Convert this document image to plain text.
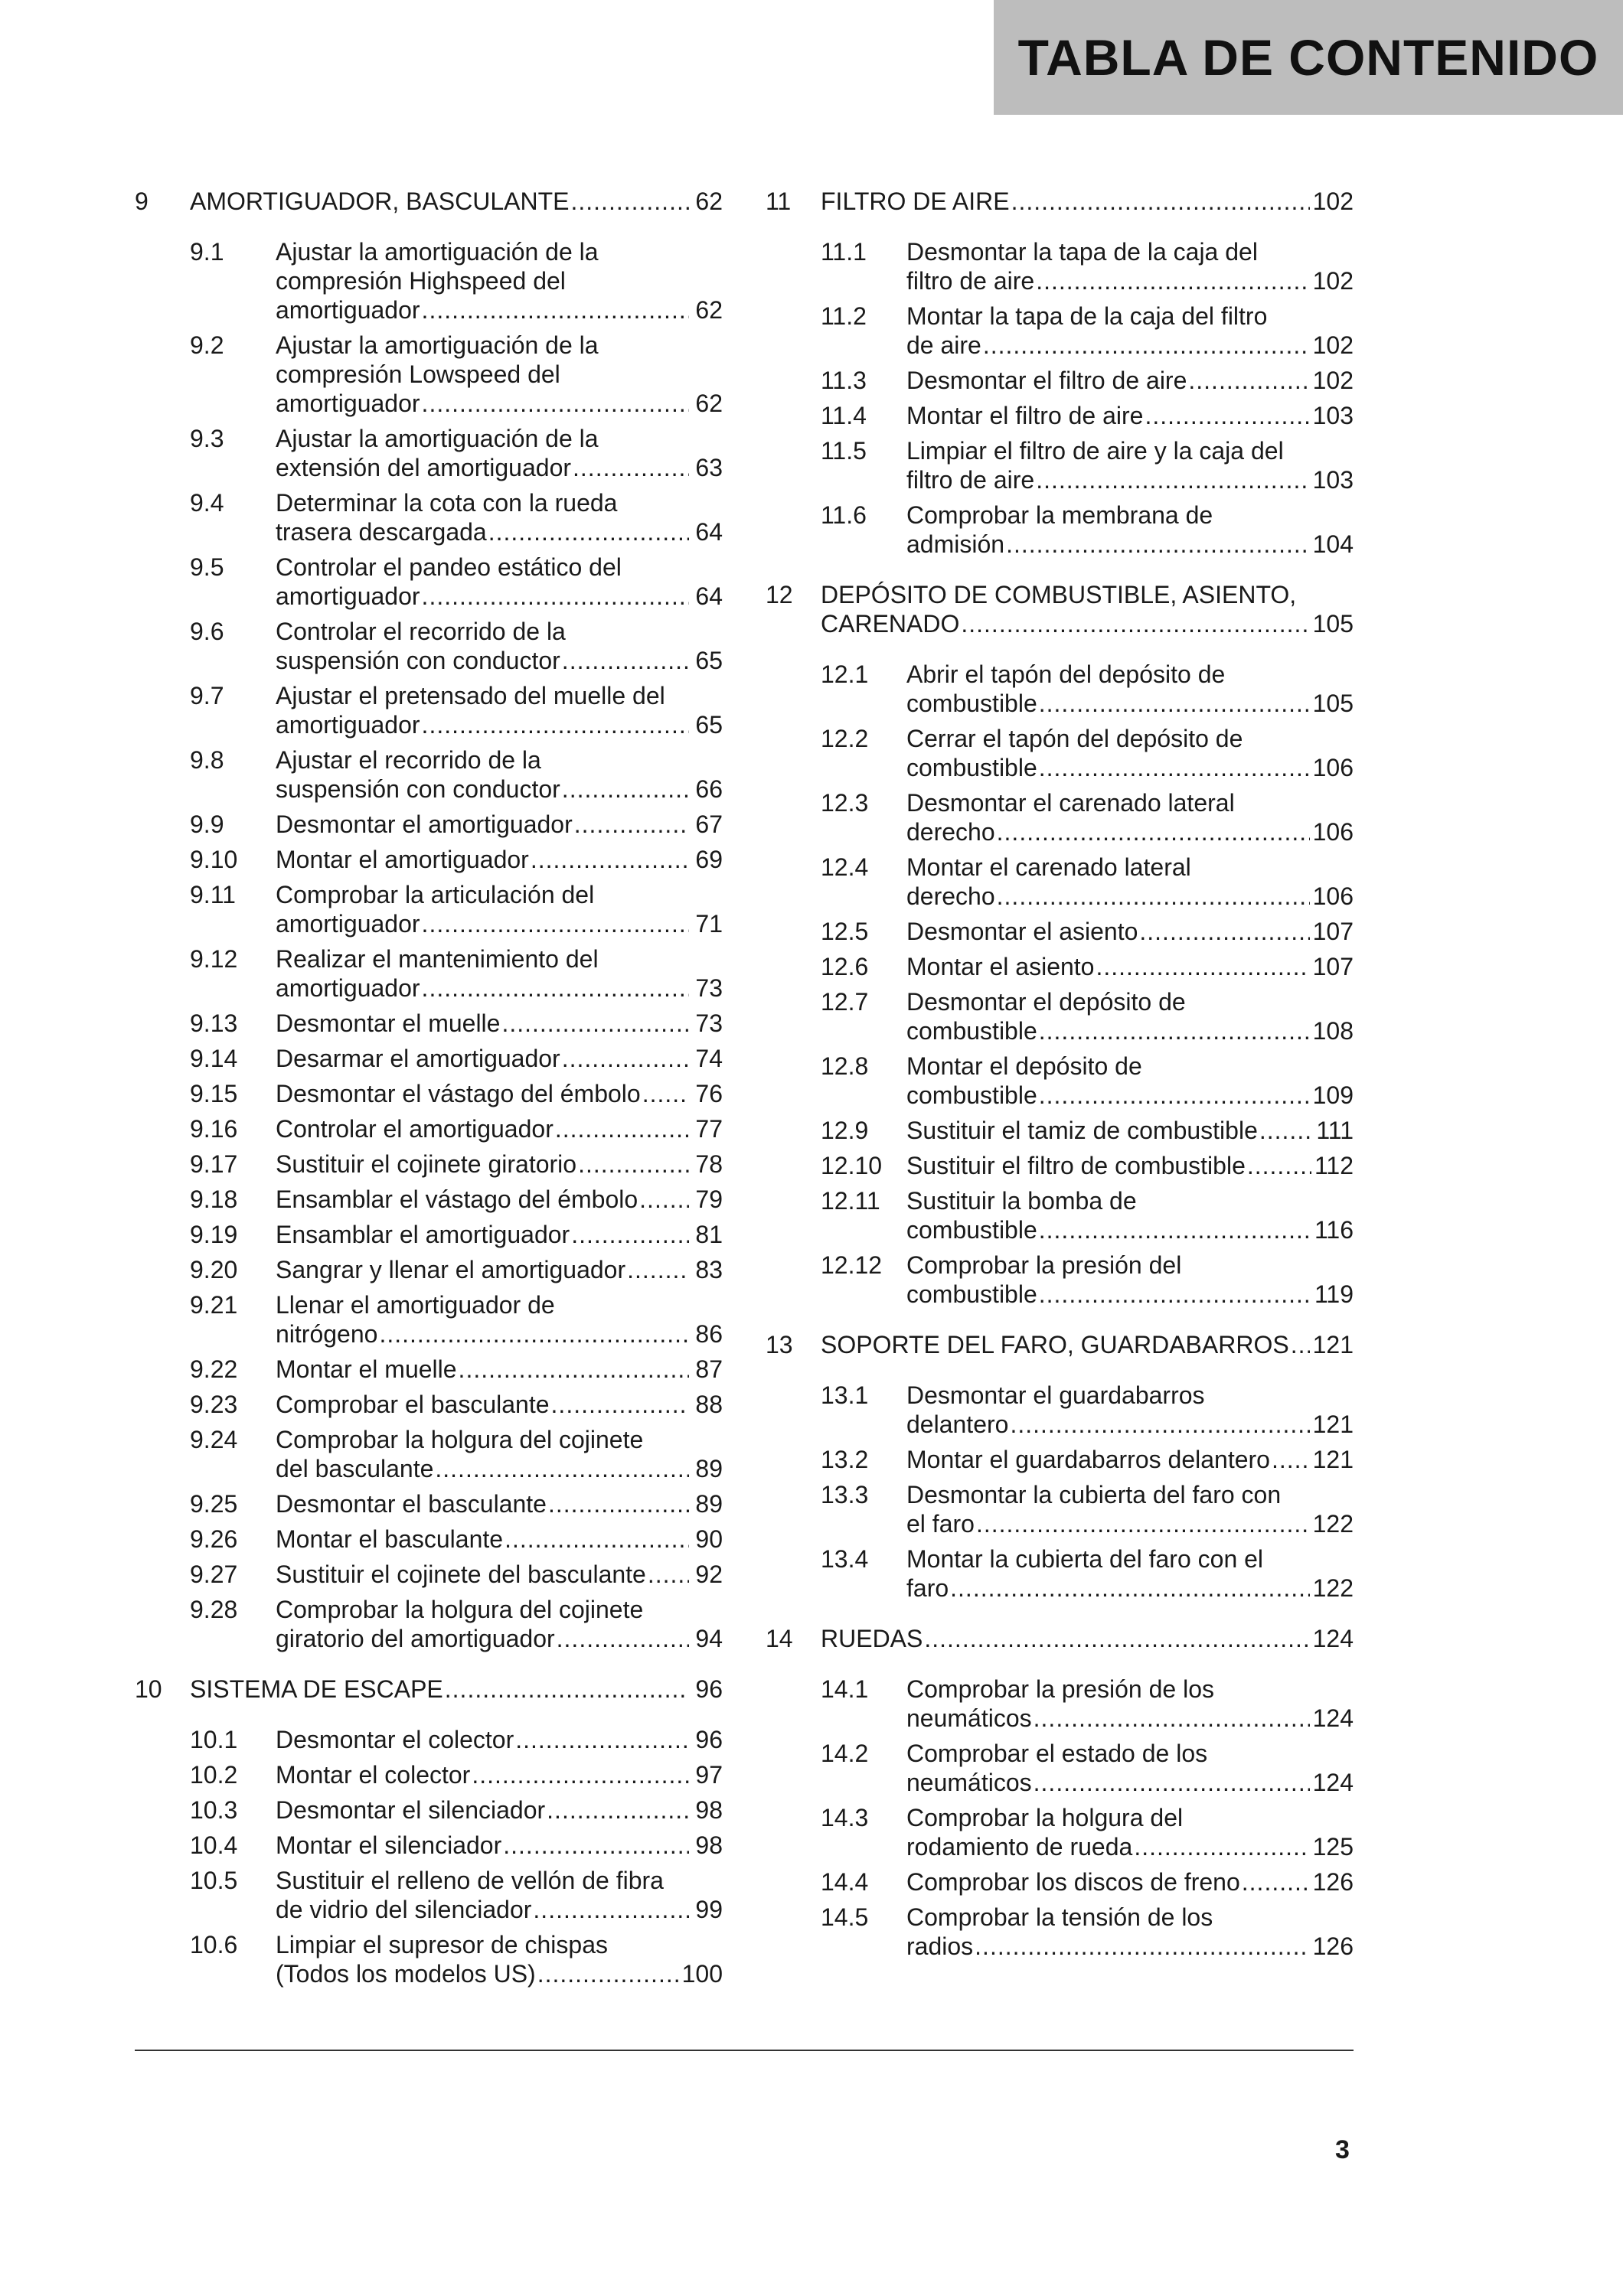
TABLA DE CONTENIDO
9	AMORTIGUADOR, BASCULANTE .....	62
9.1	Ajustar la amortiguación de la
compresión Highspeed del
amortiguador .....	62
9.2	Ajustar la amortiguación de la
compresión Lowspeed del
amortiguador .....	62
9.3	Ajustar la amortiguación de la
extensión del amortiguador .....	63
9.4	Determinar la cota con la rueda
trasera descargada .....	64
9.5	Controlar el pandeo estático del
amortiguador .....	64
9.6	Controlar el recorrido de la
suspensión con conductor .....	65
9.7	Ajustar el pretensado del muelle del
amortiguador .....	65
9.8	Ajustar el recorrido de la
suspensión con conductor .....	66
9.9	Desmontar el amortiguador .....	67
9.10	Montar el amortiguador .....	69
9.11	Comprobar la articulación del
amortiguador .....	71
9.12	Realizar el mantenimiento del
amortiguador .....	73
9.13	Desmontar el muelle .....	73
9.14	Desarmar el amortiguador .....	74
9.15	Desmontar el vástago del émbolo ..... 76
9.16	Controlar el amortiguador .....	77
9.17	Sustituir el cojinete giratorio .....	78
9.18	Ensamblar el vástago del émbolo ..... 79
9.19	Ensamblar el amortiguador .....	81
9.20	Sangrar y llenar el amortiguador .....	83
9.21	Llenar el amortiguador de
nitrógeno .....	86
9.22	Montar el muelle .....	87
9.23	Comprobar el basculante .....	88
9.24	Comprobar la holgura del cojinete
del basculante .....	89
9.25	Desmontar el basculante .....	89
9.26	Montar el basculante .....	90
9.27	Sustituir el cojinete del basculante ..... 92
9.28	Comprobar la holgura del cojinete
giratorio del amortiguador .....	94
10	SISTEMA DE ESCAPE .....	96
10.1	Desmontar el colector .....	96
10.2	Montar el colector .....	97
10.3	Desmontar el silenciador .....	98
10.4	Montar el silenciador .....	98
10.5	Sustituir el relleno de vellón de fibra
de vidrio del silenciador .....	99
10.6	Limpiar el supresor de chispas
(Todos los modelos US) .....	100
11	FILTRO DE AIRE .....	102
11.1	Desmontar la tapa de la caja del
filtro de aire .....	102
11.2	Montar la tapa de la caja del filtro
de aire .....	102
11.3	Desmontar el filtro de aire .....	102
11.4	Montar el filtro de aire .....	103
11.5	Limpiar el filtro de aire y la caja del
filtro de aire .....	103
11.6	Comprobar la membrana de
admisión .....	104
12	DEPÓSITO DE COMBUSTIBLE, ASIENTO,
CARENADO .....	105
12.1	Abrir el tapón del depósito de
combustible .....	105
12.2	Cerrar el tapón del depósito de
combustible .....	106
12.3	Desmontar el carenado lateral
derecho .....	106
12.4	Montar el carenado lateral
derecho .....	106
12.5	Desmontar el asiento .....	107
12.6	Montar el asiento .....	107
12.7	Desmontar el depósito de
combustible .....	108
12.8	Montar el depósito de
combustible .....	109
12.9	Sustituir el tamiz de combustible ..... 111
12.10 Sustituir el filtro de combustible .....	112
12.11	Sustituir la bomba de
combustible .....	116
12.12 Comprobar la presión del
combustible .....	119
13	SOPORTE DEL FARO, GUARDABARROS ..... 121
13.1	Desmontar el guardabarros
delantero .....	121
13.2	Montar el guardabarros delantero ..... 121
13.3	Desmontar la cubierta del faro con
el faro .....	122
13.4	Montar la cubierta del faro con el
faro .....	122
14	RUEDAS .....	124
14.1	Comprobar la presión de los
neumáticos .....	124
14.2	Comprobar el estado de los
neumáticos .....	124
14.3	Comprobar la holgura del
rodamiento de rueda .....	125
14.4	Comprobar los discos de freno .....	126
14.5	Comprobar la tensión de los
radios .....	126
3
